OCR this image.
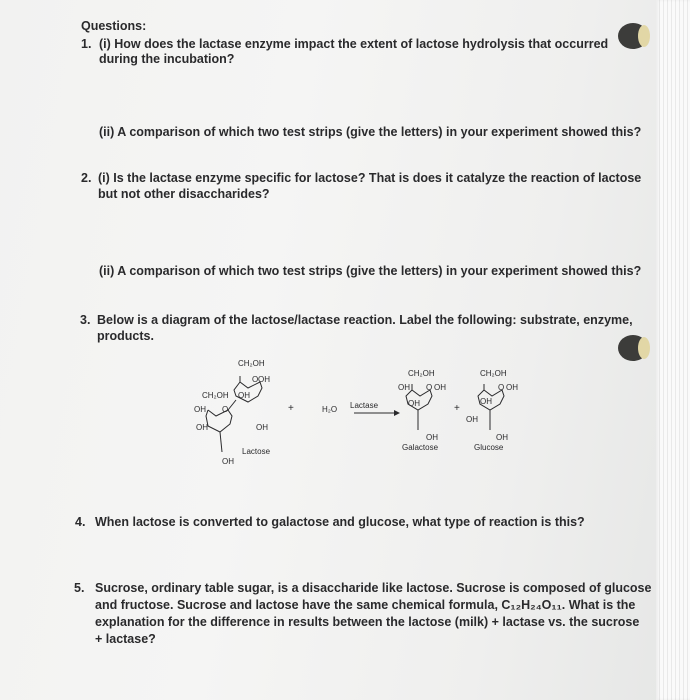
Questions:
1. (i) How does the lactase enzyme impact the extent of lactose hydrolysis that occurred
during the incubation?
(ii) A comparison of which two test strips (give the letters) in your experiment showed this?
2. (i) Is the lactase enzyme specific for lactose? That is does it catalyze the reaction of lactose
but not other disaccharides?
(ii) A comparison of which two test strips (give the letters) in your experiment showed this?
3. Below is a diagram of the lactose/lactase reaction. Label the following: substrate, enzyme,
products.
CH₂OH
OH
O
CH₂OH OH
OH O
OH	OH
Lactose
OH
+	H₂O Lactase
CH₂OH
OH O OH
OH
OH
Galactose
+
CH₂OH
O OH
OH
OH
OH
Glucose
4. When lactose is converted to galactose and glucose, what type of reaction is this?
5. Sucrose, ordinary table sugar, is a disaccharide like lactose. Sucrose is composed of glucose
and fructose. Sucrose and lactose have the same chemical formula, C₁₂H₂₄O₁₁. What is the
explanation for the difference in results between the lactose (milk) + lactase vs. the sucrose
+ lactase?
